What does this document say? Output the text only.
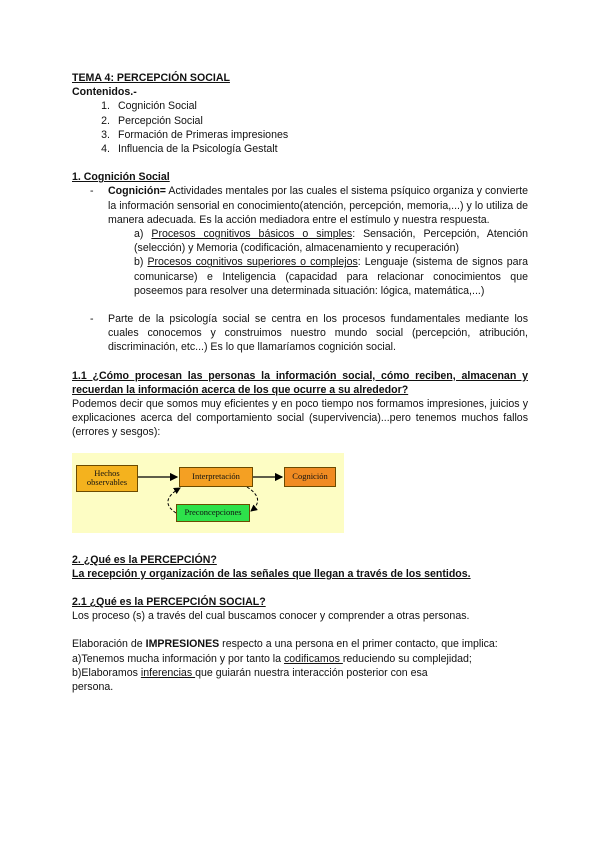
TEMA 4: PERCEPCIÓN SOCIAL
Contenidos.-
1. Cognición Social
2. Percepción Social
3. Formación de Primeras impresiones
4. Influencia de la Psicología Gestalt
1. Cognición Social
-	Cognición= Actividades mentales por las cuales el sistema psíquico organiza y convierte la información sensorial en conocimiento(atención, percepción, memoria,...) y lo utiliza de manera adecuada. Es la acción mediadora entre el estímulo y nuestra respuesta.
a) Procesos cognitivos básicos o simples: Sensación, Percepción, Atención (selección) y Memoria (codificación, almacenamiento y recuperación)
b) Procesos cognitivos superiores o complejos: Lenguaje (sistema de signos para comunicarse) e Inteligencia (capacidad para relacionar conocimientos que poseemos para resolver una determinada situación: lógica, matemática,...)
-	Parte de la psicología social se centra en los procesos fundamentales mediante los cuales conocemos y construimos nuestro mundo social (percepción, atribución, discriminación, etc...) Es lo que llamaríamos cognición social.
1.1 ¿Cómo procesan las personas la información social, cómo reciben, almacenan y recuerdan la información acerca de los que ocurre a su alrededor?
Podemos decir que somos muy eficientes y en poco tiempo nos formamos impresiones, juicios y explicaciones acerca del comportamiento social (supervivencia)...pero tenemos muchos fallos (errores y sesgos):
Hechos observables
Interpretación	Cognición
Preconcepciones
2. ¿Qué es la PERCEPCIÓN?
La recepción y organización de las señales que llegan a través de los sentidos.
2.1 ¿Qué es la PERCEPCIÓN SOCIAL?
Los proceso (s) a través del cual buscamos conocer y comprender a otras personas.
Elaboración de IMPRESIONES respecto a una persona en el primer contacto, que implica:
a)Tenemos mucha información y por tanto la codificamos reduciendo su complejidad;
b)Elaboramos inferencias que guiarán nuestra interacción posterior con esa
persona.
